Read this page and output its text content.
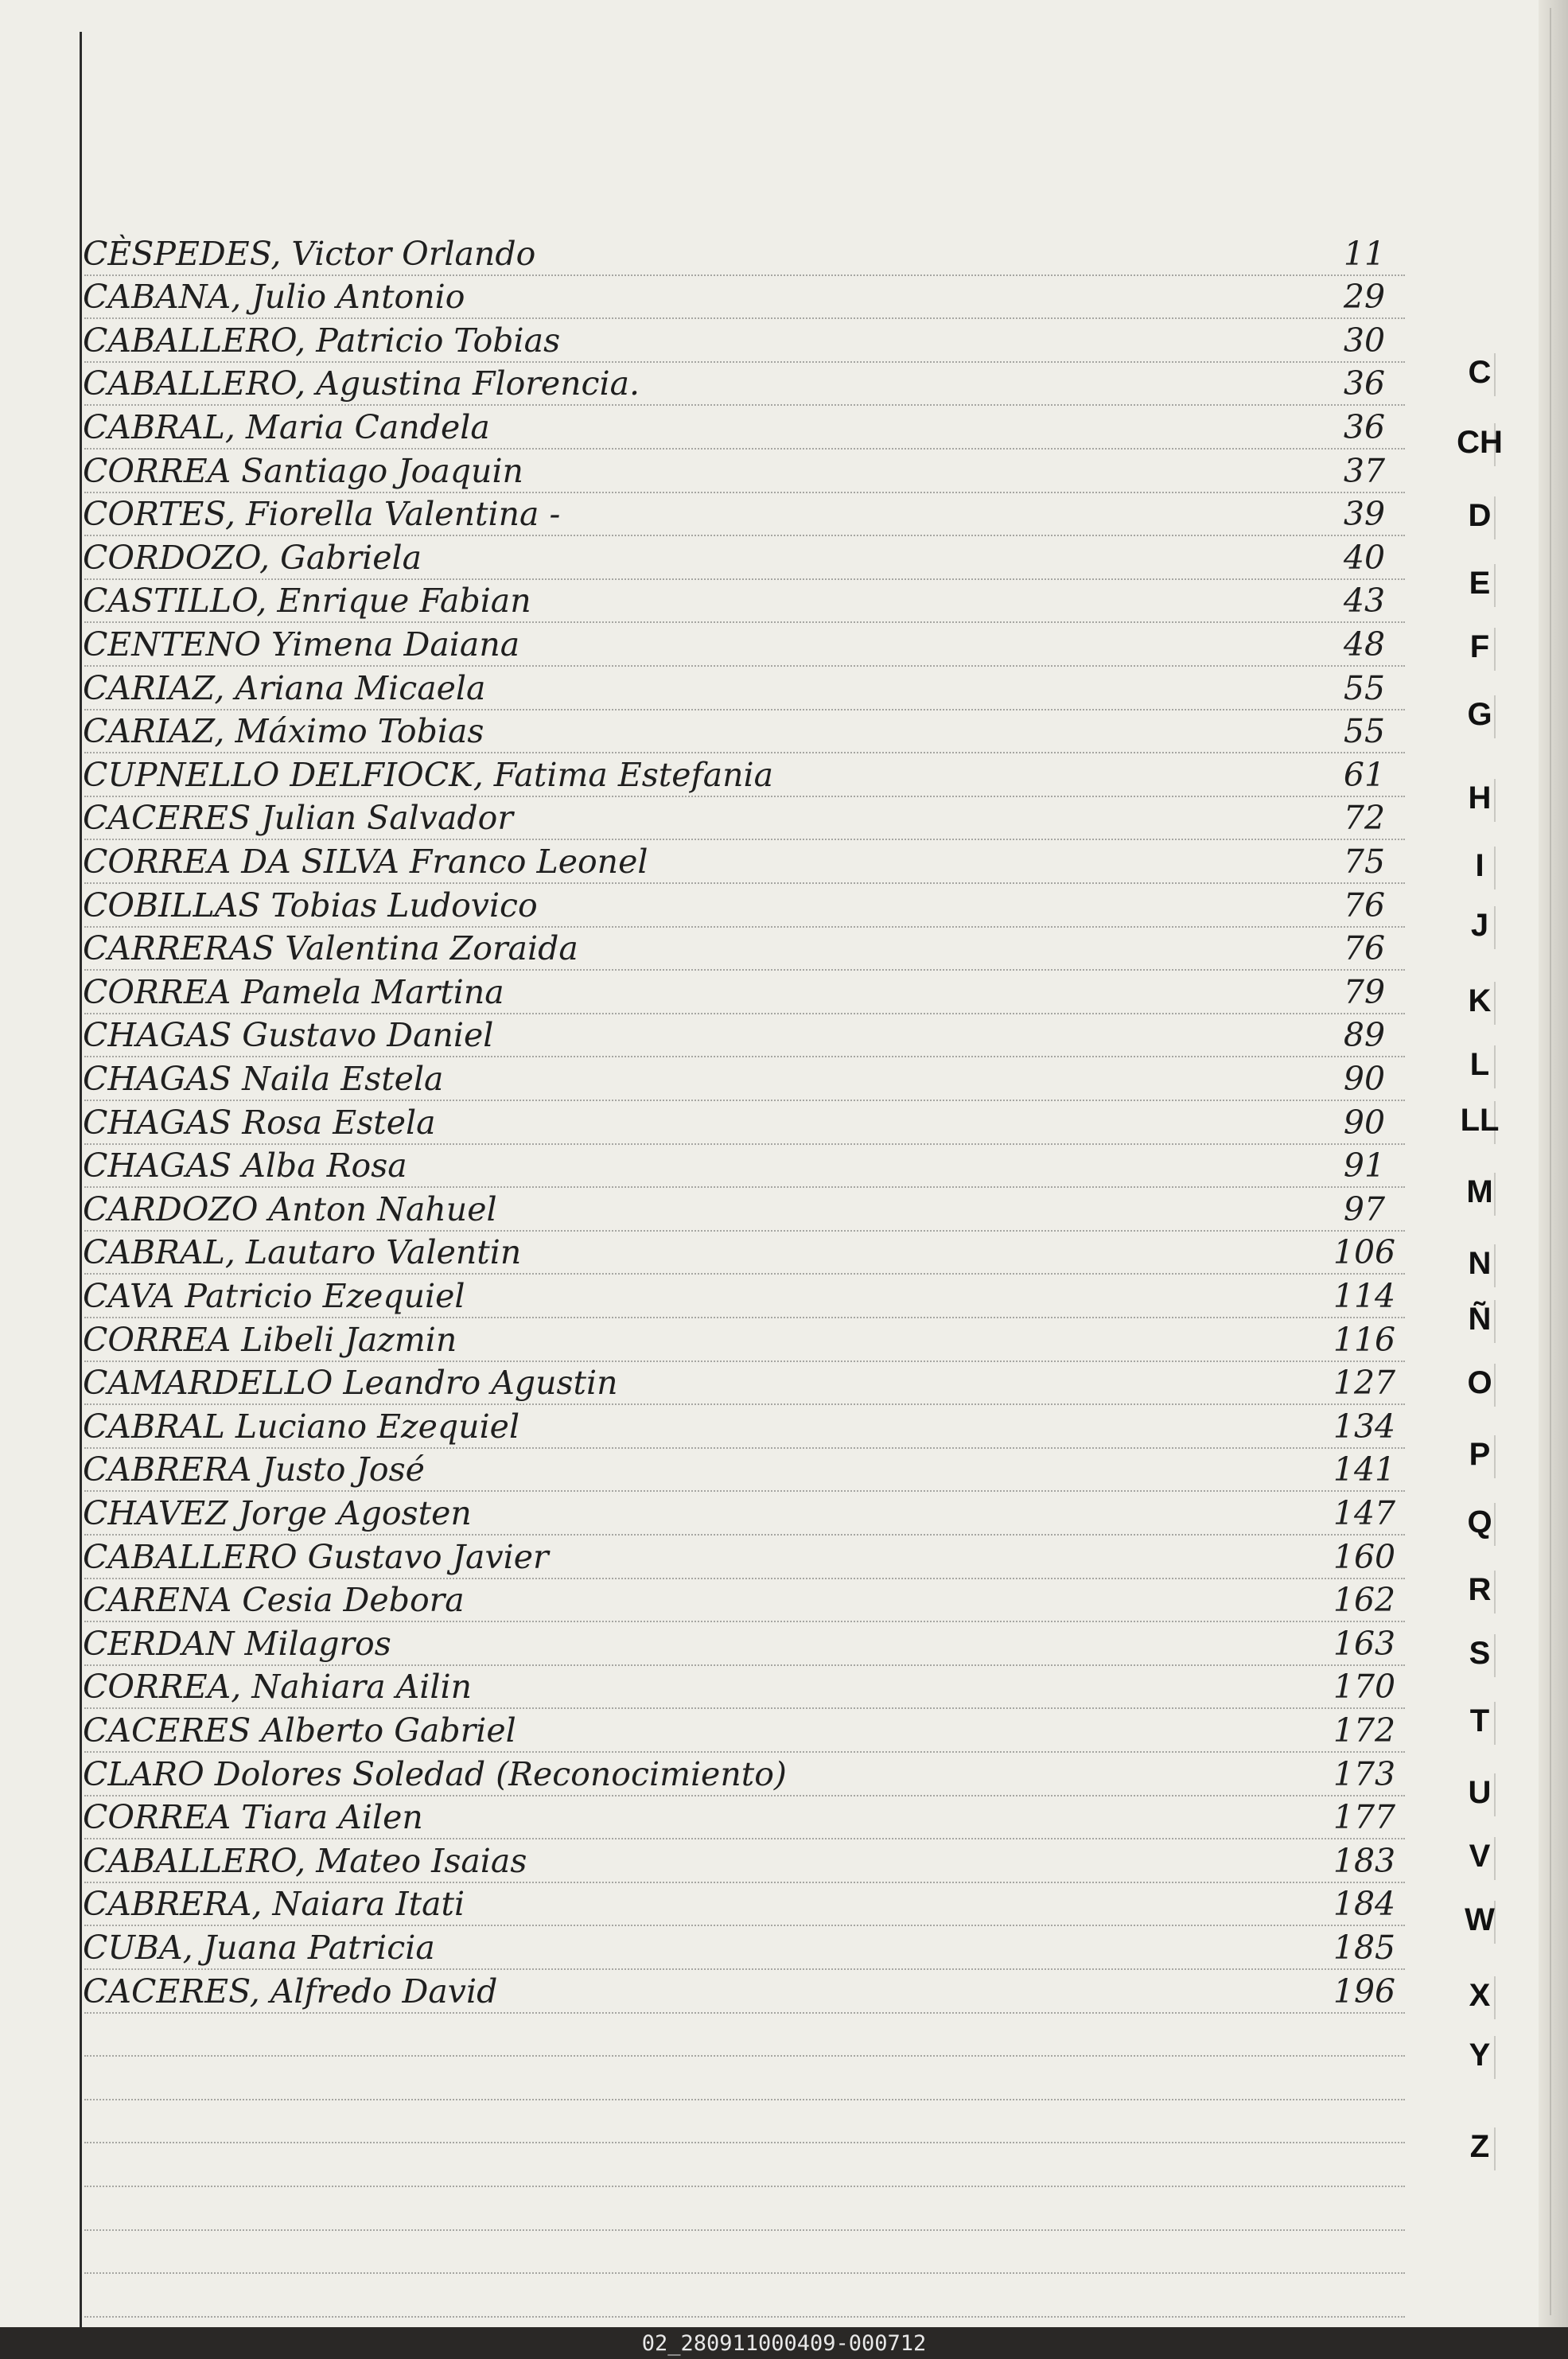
CÈSPEDES, Victor Orlando	11
CABANA, Julio Antonio	29
CABALLERO, Patricio Tobias	30
CABALLERO, Agustina Florencia.	36
CABRAL, Maria Candela	36
CORREA Santiago Joaquin	37
CORTES, Fiorella Valentina -	39
CORDOZO, Gabriela	40
CASTILLO, Enrique Fabian	43
CENTENO Yimena Daiana	48
CARIAZ, Ariana Micaela	55
CARIAZ, Máximo Tobias	55
CUPNELLO DELFIOCK, Fatima Estefania	61
CACERES Julian Salvador	72
CORREA DA SILVA Franco Leonel	75
COBILLAS Tobias Ludovico	76
CARRERAS Valentina Zoraida	76
CORREA Pamela Martina	79
CHAGAS Gustavo Daniel	89
CHAGAS Naila Estela	90
CHAGAS Rosa Estela	90
CHAGAS Alba Rosa	91
CARDOZO Anton Nahuel	97
CABRAL, Lautaro Valentin	106
CAVA Patricio Ezequiel	114
CORREA Libeli Jazmin	116
CAMARDELLO Leandro Agustin	127
CABRAL Luciano Ezequiel	134
CABRERA Justo José	141
CHAVEZ Jorge Agosten	147
CABALLERO Gustavo Javier	160
CARENA Cesia Debora	162
CERDAN Milagros	163
CORREA, Nahiara Ailin	170
CACERES Alberto Gabriel	172
CLARO Dolores Soledad (Reconocimiento)	173
CORREA Tiara Ailen	177
CABALLERO, Mateo Isaias	183
CABRERA, Naiara Itati	184
CUBA, Juana Patricia	185
CACERES, Alfredo David	196
C
CH
D
E
F
G
H
I
J
K
L
LL
M
N
Ñ
O
P
Q
R
S
T
U
V
W
X
Y
Z
02_280911000409-000712
